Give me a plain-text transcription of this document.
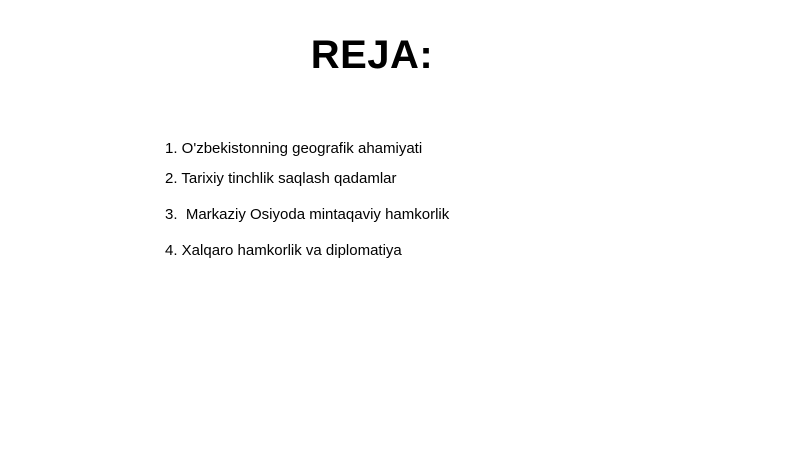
REJA:
1. O'zbekistonning geografik ahamiyati
2. Tarixiy tinchlik saqlash qadamlar
3.  Markaziy Osiyoda mintaqaviy hamkorlik
4. Xalqaro hamkorlik va diplomatiya
